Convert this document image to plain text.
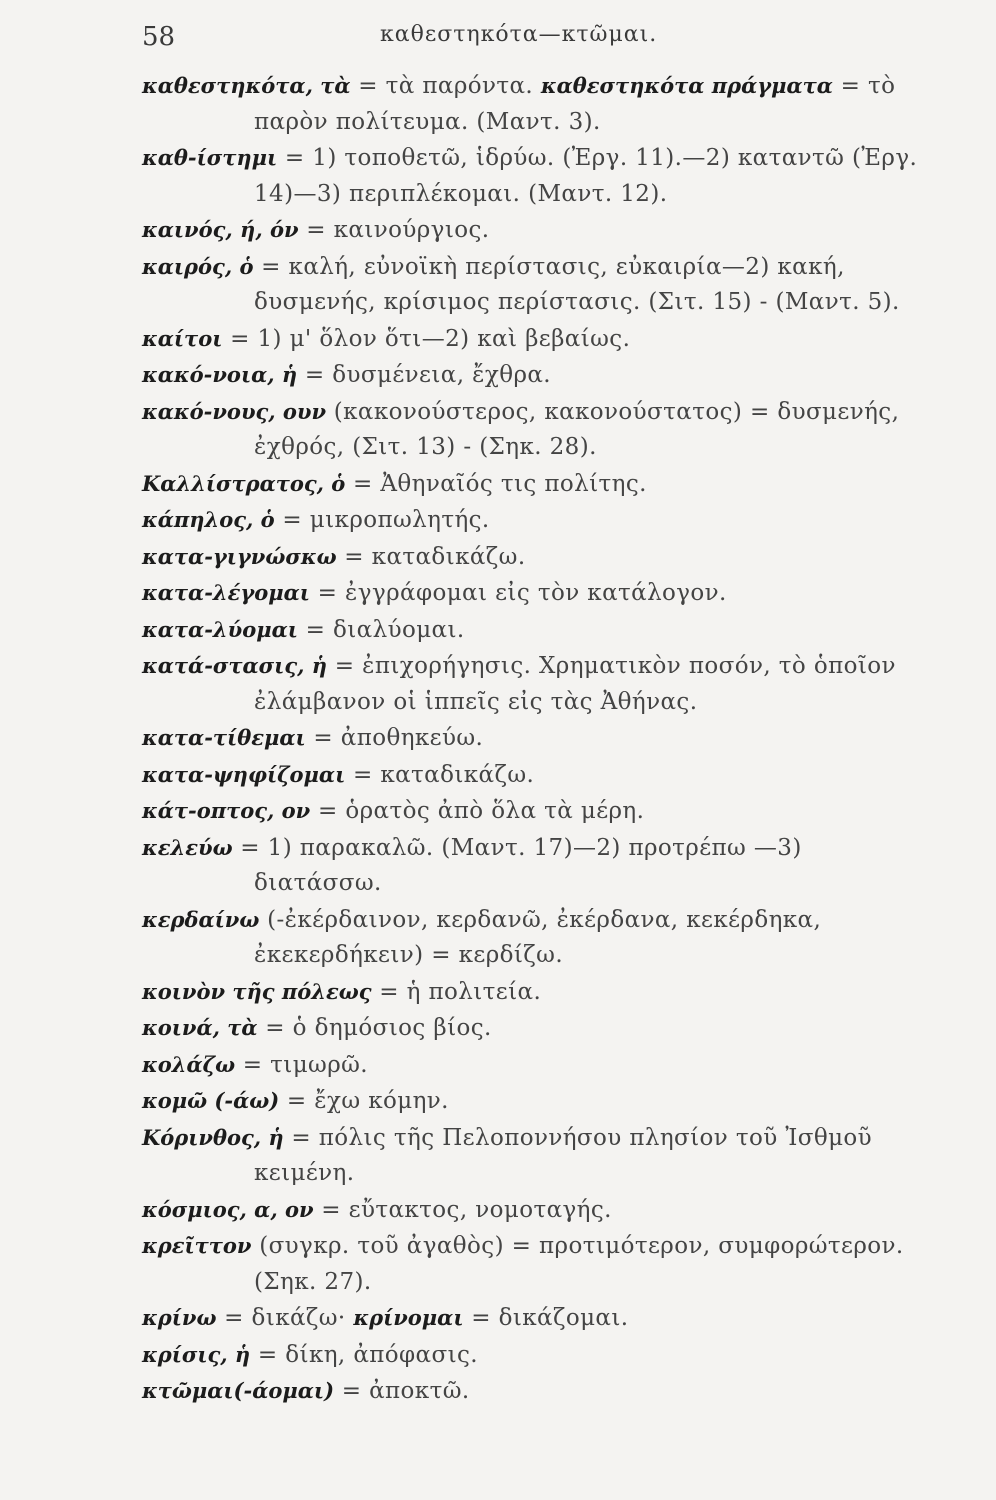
58	καθεστηκότα—κτῶμαι.
καθεστηκότα, τὰ = τὰ παρόντα. καθεστηκότα πράγματα = τὸ παρὸν πολίτευμα. (Μαντ. 3).
καθ-ίστημι = 1) τοποθετῶ, ἱδρύω. (Ἐργ. 11).—2) καταντῶ (Ἐργ. 14)—3) περιπλέκομαι. (Μαντ. 12).
καινός, ή, όν = καινούργιος.
καιρός, ὁ = καλή, εὐνοϊκὴ περίστασις, εὐκαιρία—2) κακή, δυσμενής, κρίσιμος περίστασις. (Σιτ. 15) - (Μαντ. 5).
καίτοι = 1) μ' ὅλον ὅτι—2) καὶ βεβαίως.
κακό-νοια, ἡ = δυσμένεια, ἔχθρα.
κακό-νους, ουν (κακονούστερος, κακονούστατος) = δυσμενής, ἐχθρός, (Σιτ. 13) - (Σηκ. 28).
Καλλίστρατος, ὁ = Ἀθηναῖός τις πολίτης.
κάπηλος, ὁ = μικροπωλητής.
κατα-γιγνώσκω = καταδικάζω.
κατα-λέγομαι = ἐγγράφομαι εἰς τὸν κατάλογον.
κατα-λύομαι = διαλύομαι.
κατά-στασις, ἡ = ἐπιχορήγησις. Χρηματικὸν ποσόν, τὸ ὁποῖον ἐλάμβανον οἱ ἱππεῖς εἰς τὰς Ἀθήνας.
κατα-τίθεμαι = ἀποθηκεύω.
κατα-ψηφίζομαι = καταδικάζω.
κάτ-οπτος, ον = ὁρατὸς ἀπὸ ὅλα τὰ μέρη.
κελεύω = 1) παρακαλῶ. (Μαντ. 17)—2) προτρέπω —3) διατάσσω.
κερδαίνω (-ἐκέρδαινον, κερδανῶ, ἐκέρδανα, κεκέρδηκα, ἐκεκερδήκειν) = κερδίζω.
κοινὸν τῆς πόλεως = ἡ πολιτεία.
κοινά, τὰ = ὁ δημόσιος βίος.
κολάζω = τιμωρῶ.
κομῶ (-άω) = ἔχω κόμην.
Κόρινθος, ἡ = πόλις τῆς Πελοποννήσου πλησίον τοῦ Ἰσθμοῦ κειμένη.
κόσμιος, α, ον = εὔτακτος, νομοταγής.
κρεῖττον (συγκρ. τοῦ ἀγαθὸς) = προτιμότερον, συμφορώτερον. (Σηκ. 27).
κρίνω = δικάζω· κρίνομαι = δικάζομαι.
κρίσις, ἡ = δίκη, ἀπόφασις.
κτῶμαι(-άομαι) = ἀποκτῶ.
